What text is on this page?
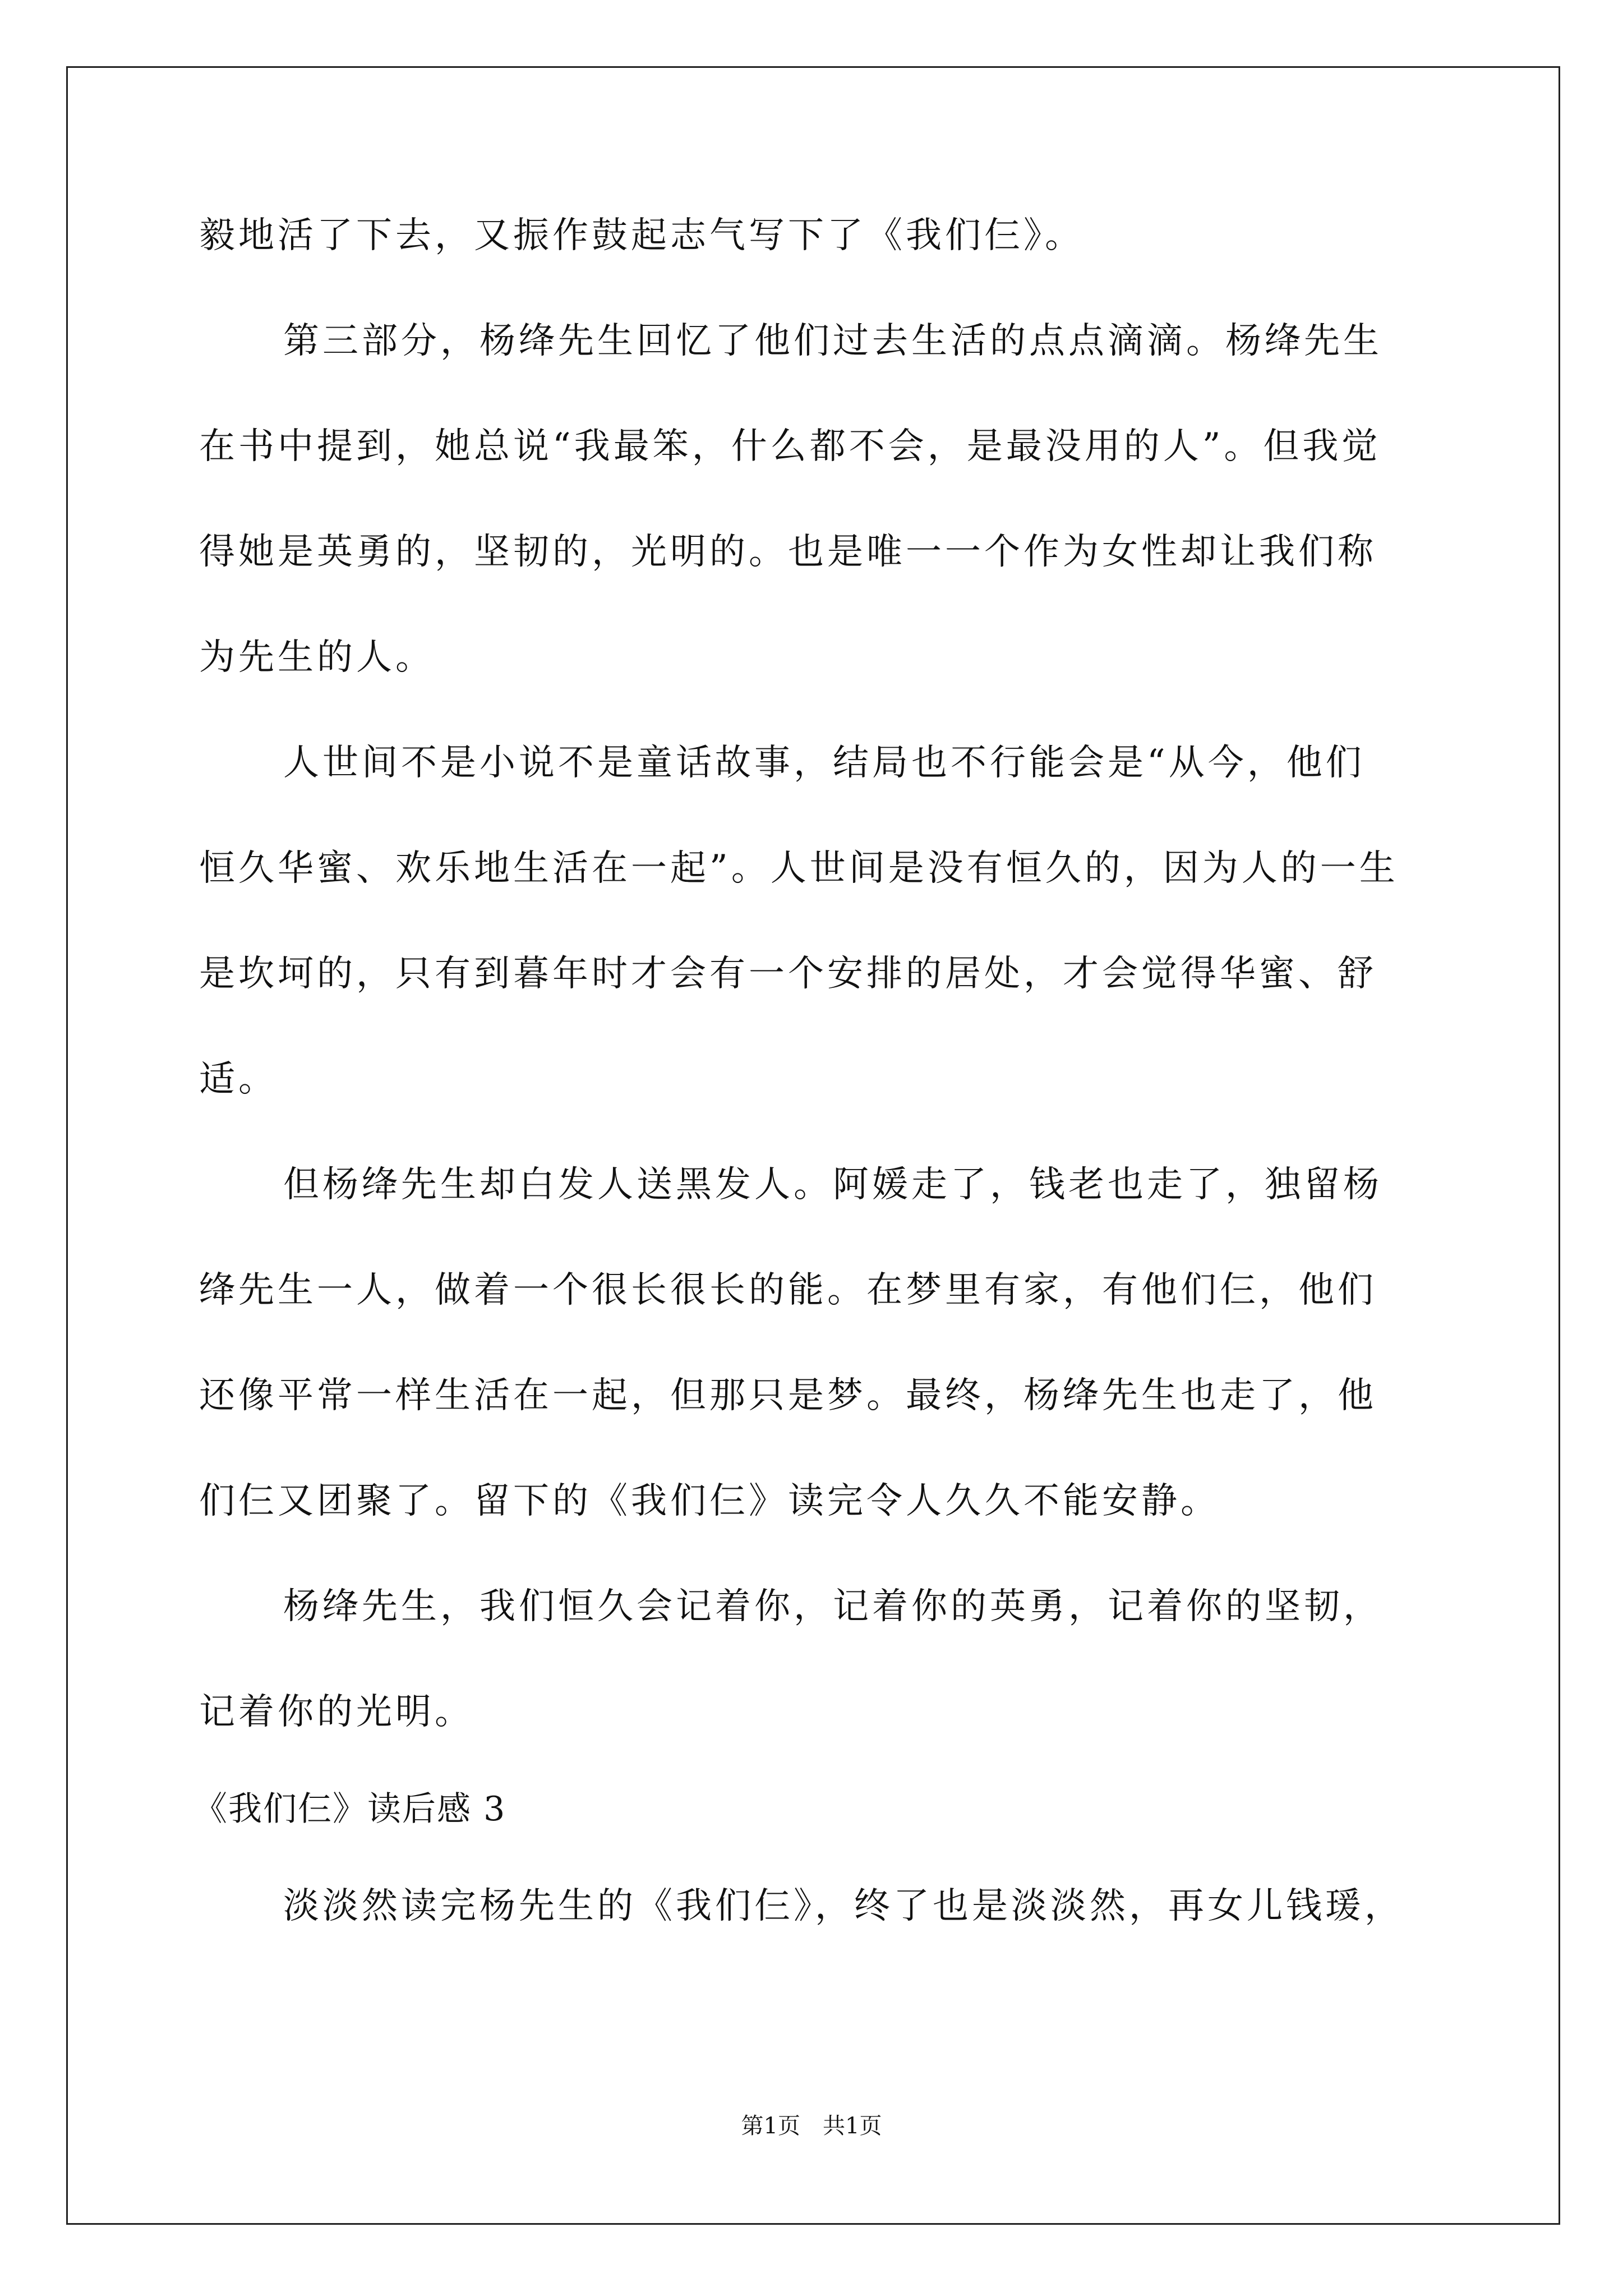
毅地活了下去，又振作鼓起志气写下了《我们仨》。
第三部分，杨绛先生回忆了他们过去生活的点点滴滴。杨绛先生
在书中提到，她总说“我最笨，什么都不会，是最没用的人”。但我觉
得她是英勇的，坚韧的，光明的。也是唯一一个作为女性却让我们称
为先生的人。
人世间不是小说不是童话故事，结局也不行能会是“从今，他们
恒久华蜜、欢乐地生活在一起”。人世间是没有恒久的，因为人的一生
是坎坷的，只有到暮年时才会有一个安排的居处，才会觉得华蜜、舒
适。
但杨绛先生却白发人送黑发人。阿媛走了，钱老也走了，独留杨
绛先生一人，做着一个很长很长的能。在梦里有家，有他们仨，他们
还像平常一样生活在一起，但那只是梦。最终，杨绛先生也走了，他
们仨又团聚了。留下的《我们仨》读完令人久久不能安静。
杨绛先生，我们恒久会记着你，记着你的英勇，记着你的坚韧，
记着你的光明。
《我们仨》读后感 3
淡淡然读完杨先生的《我们仨》，终了也是淡淡然，再女儿钱瑗，
第1页 共1页
